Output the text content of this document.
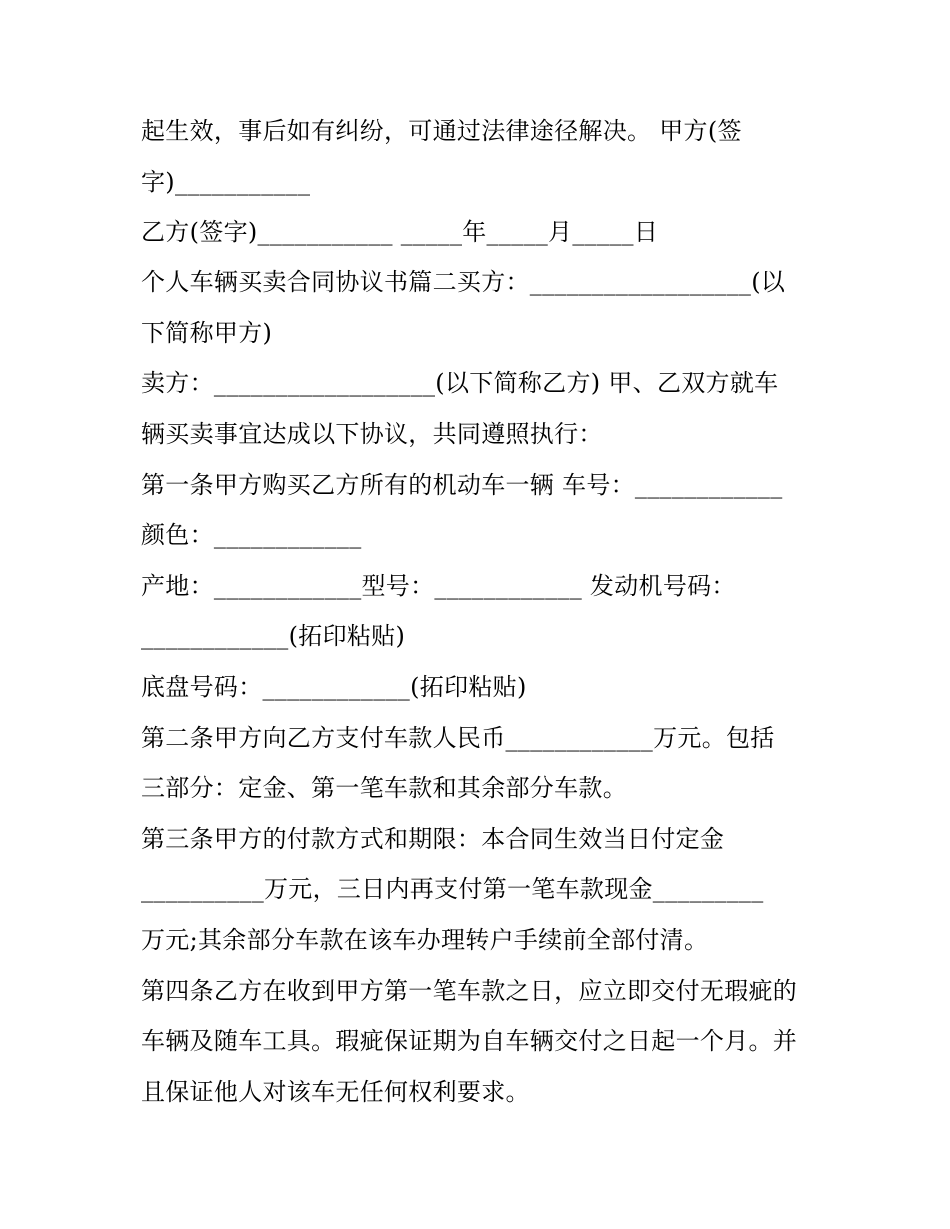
起生效，事后如有纠纷，可通过法律途径解决。 甲方(签
字)___________
乙方(签字)___________ _____年_____月_____日
个人车辆买卖合同协议书篇二买方：__________________(以
下简称甲方)
卖方：__________________(以下简称乙方) 甲、乙双方就车
辆买卖事宜达成以下协议，共同遵照执行：
第一条甲方购买乙方所有的机动车一辆 车号：____________
颜色：____________
产地：____________型号：____________ 发动机号码：
____________(拓印粘贴)
底盘号码：____________(拓印粘贴)
第二条甲方向乙方支付车款人民币____________万元。包括
三部分：定金、第一笔车款和其余部分车款。
第三条甲方的付款方式和期限：本合同生效当日付定金
__________万元，三日内再支付第一笔车款现金_________
万元;其余部分车款在该车办理转户手续前全部付清。
第四条乙方在收到甲方第一笔车款之日，应立即交付无瑕疵的
车辆及随车工具。瑕疵保证期为自车辆交付之日起一个月。并
且保证他人对该车无任何权利要求。
